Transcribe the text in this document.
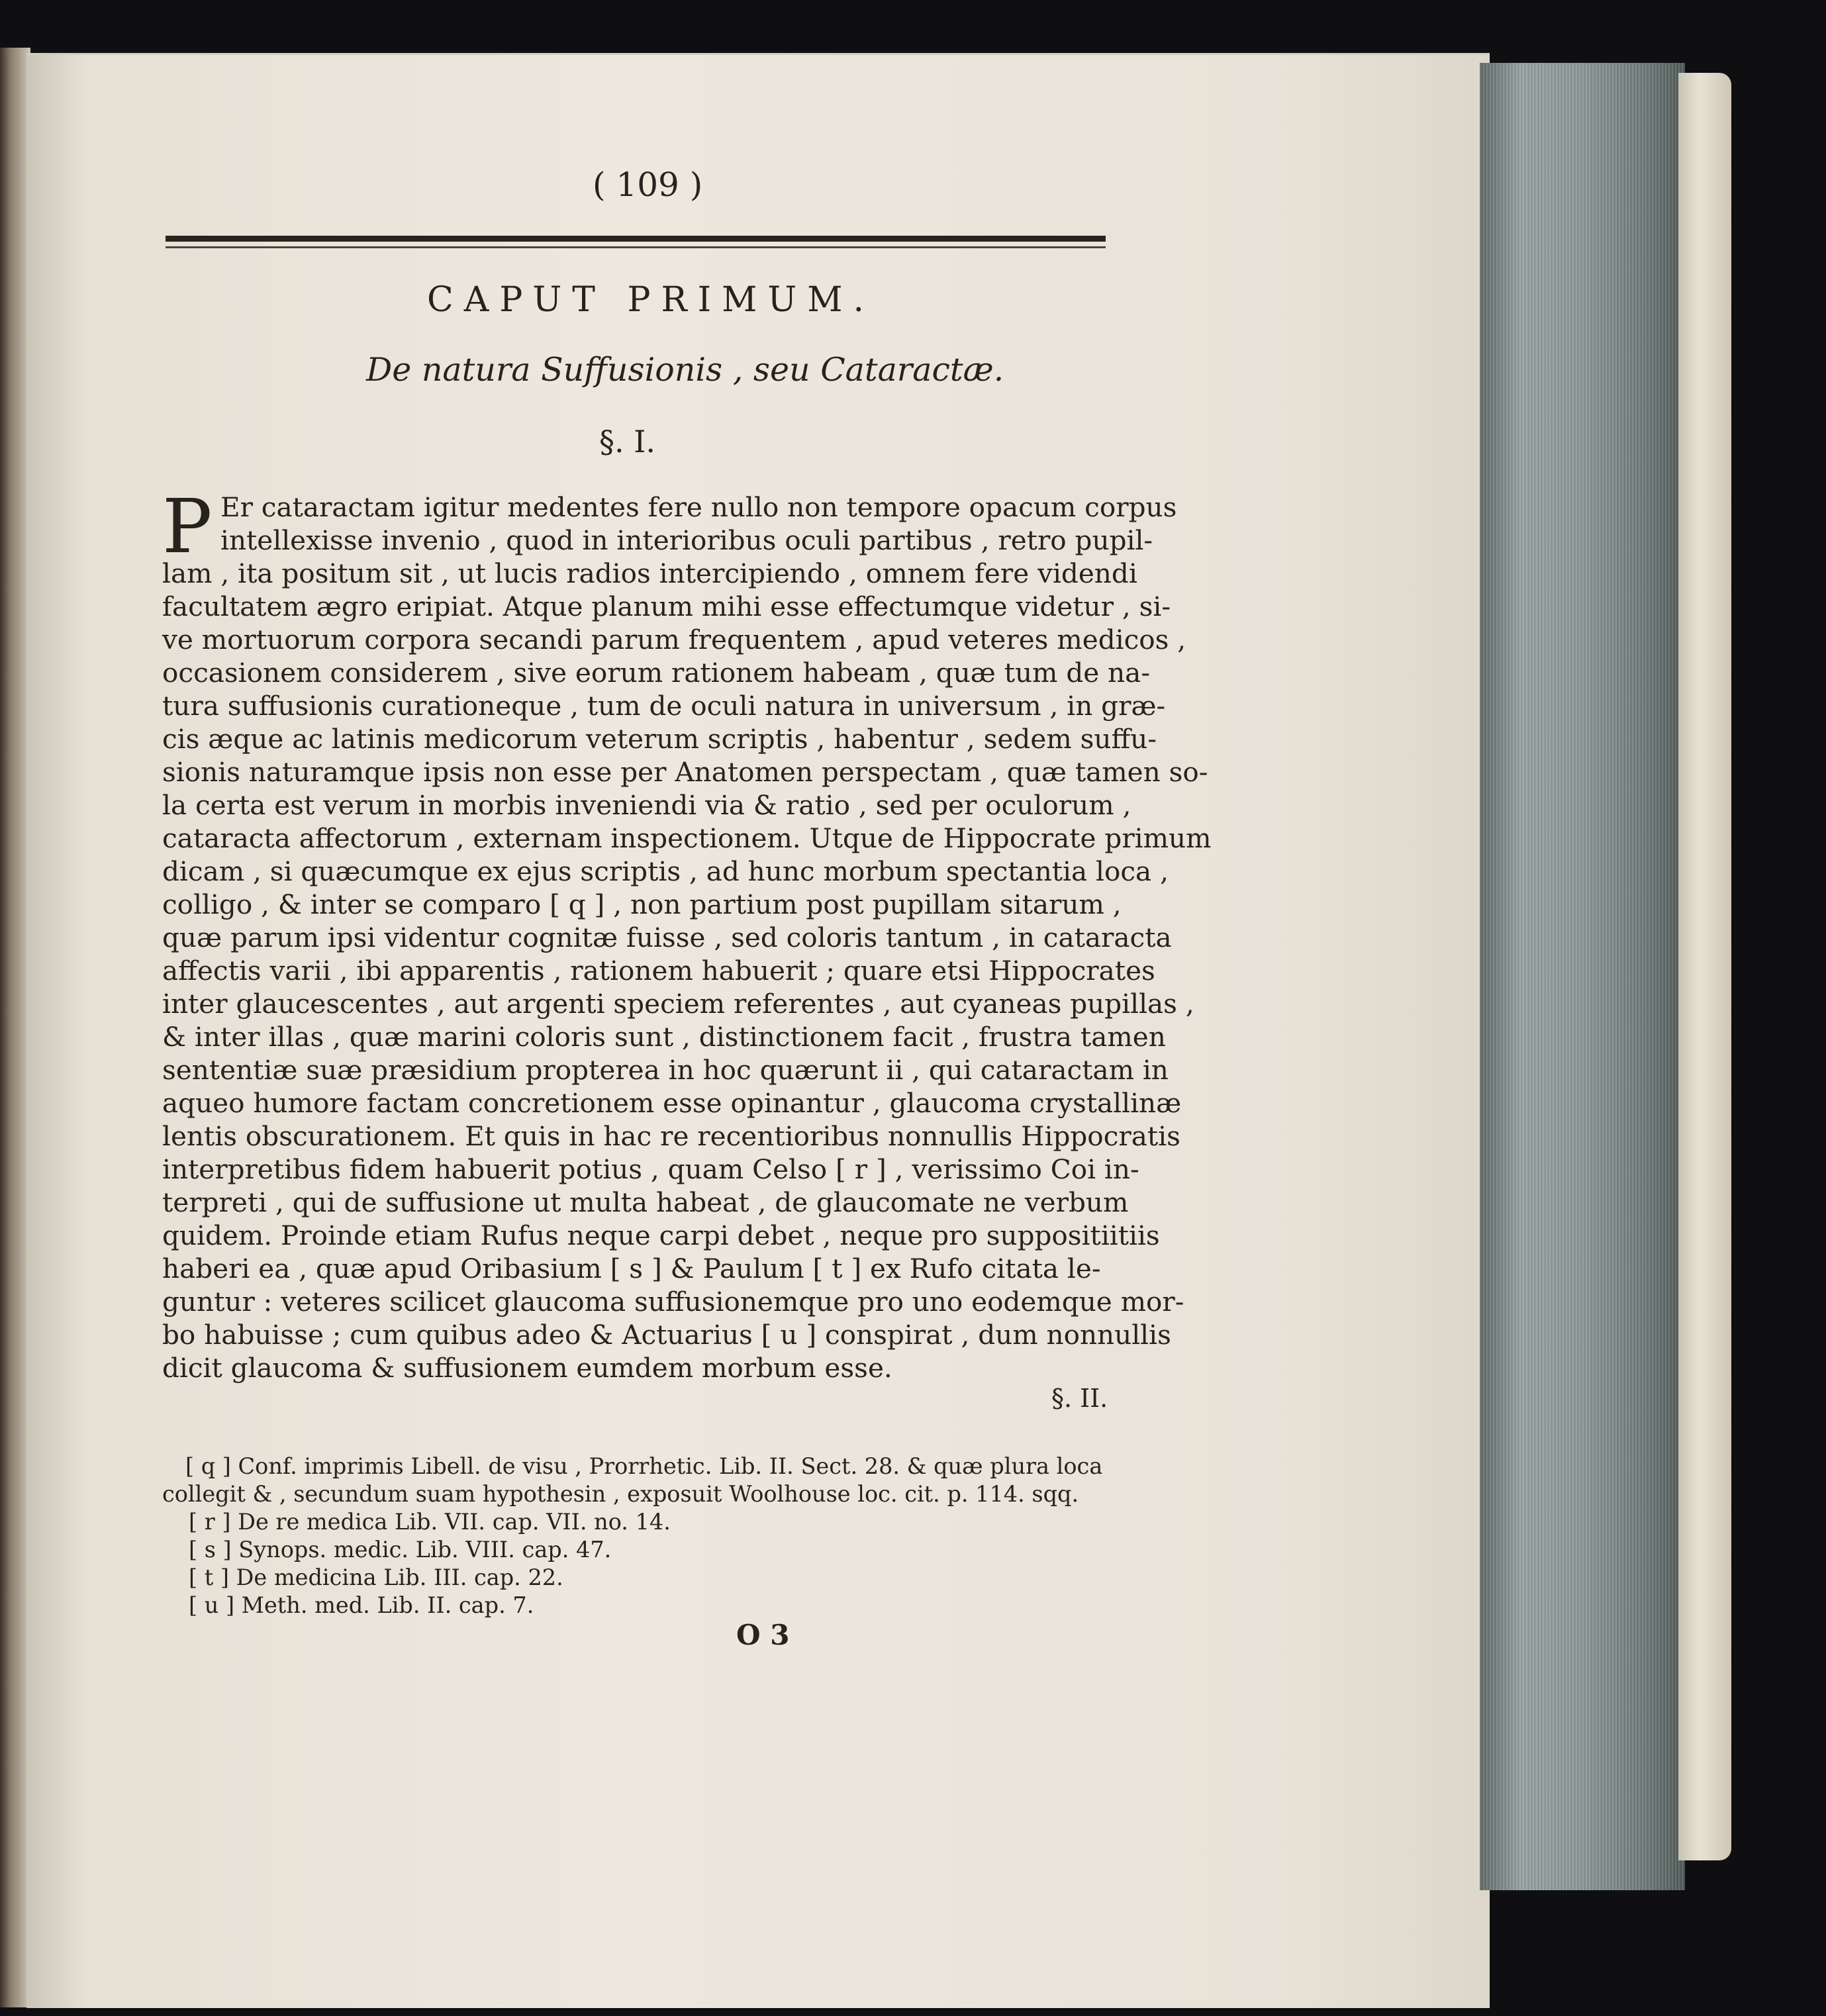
( 109 )
CAPUT PRIMUM.
De natura Suffusionis , seu Cataractæ.
§. I.
P Er cataractam igitur medentes fere nullo non tempore opacum corpus
intellexisse invenio , quod in interioribus oculi partibus , retro pupil-
lam , ita positum sit , ut lucis radios intercipiendo , omnem fere videndi
facultatem ægro eripiat. Atque planum mihi esse effectumque videtur , si-
ve mortuorum corpora secandi parum frequentem , apud veteres medicos ,
occasionem considerem , sive eorum rationem habeam , quæ tum de na-
tura suffusionis curationeque , tum de oculi natura in universum , in græ-
cis æque ac latinis medicorum veterum scriptis , habentur , sedem suffu-
sionis naturamque ipsis non esse per Anatomen perspectam , quæ tamen so-
la certa est verum in morbis inveniendi via & ratio , sed per oculorum ,
cataracta affectorum , externam inspectionem. Utque de Hippocrate primum
dicam , si quæcumque ex ejus scriptis , ad hunc morbum spectantia loca ,
colligo , & inter se comparo [ q ] , non partium post pupillam sitarum ,
quæ parum ipsi videntur cognitæ fuisse , sed coloris tantum , in cataracta
affectis varii , ibi apparentis , rationem habuerit ; quare etsi Hippocrates
inter glaucescentes , aut argenti speciem referentes , aut cyaneas pupillas ,
& inter illas , quæ marini coloris sunt , distinctionem facit , frustra tamen
sententiæ suæ præsidium propterea in hoc quærunt ii , qui cataractam in
aqueo humore factam concretionem esse opinantur , glaucoma crystallinæ
lentis obscurationem. Et quis in hac re recentioribus nonnullis Hippocratis
interpretibus fidem habuerit potius , quam Celso [ r ] , verissimo Coi in-
terpreti , qui de suffusione ut multa habeat , de glaucomate ne verbum
quidem. Proinde etiam Rufus neque carpi debet , neque pro suppositiitiis
haberi ea , quæ apud Oribasium [ s ] & Paulum [ t ] ex Rufo citata le-
guntur : veteres scilicet glaucoma suffusionemque pro uno eodemque mor-
bo habuisse ; cum quibus adeo & Actuarius [ u ] conspirat , dum nonnullis
dicit glaucoma & suffusionem eumdem morbum esse.
§. II.
[ q ] Conf. imprimis Libell. de visu , Prorrhetic. Lib. II. Sect. 28. & quæ plura loca
collegit & , secundum suam hypothesin , exposuit Woolhouse loc. cit. p. 114. sqq.
[ r ] De re medica Lib. VII. cap. VII. no. 14.
[ s ] Synops. medic. Lib. VIII. cap. 47.
[ t ] De medicina Lib. III. cap. 22.
[ u ] Meth. med. Lib. II. cap. 7.
O 3
